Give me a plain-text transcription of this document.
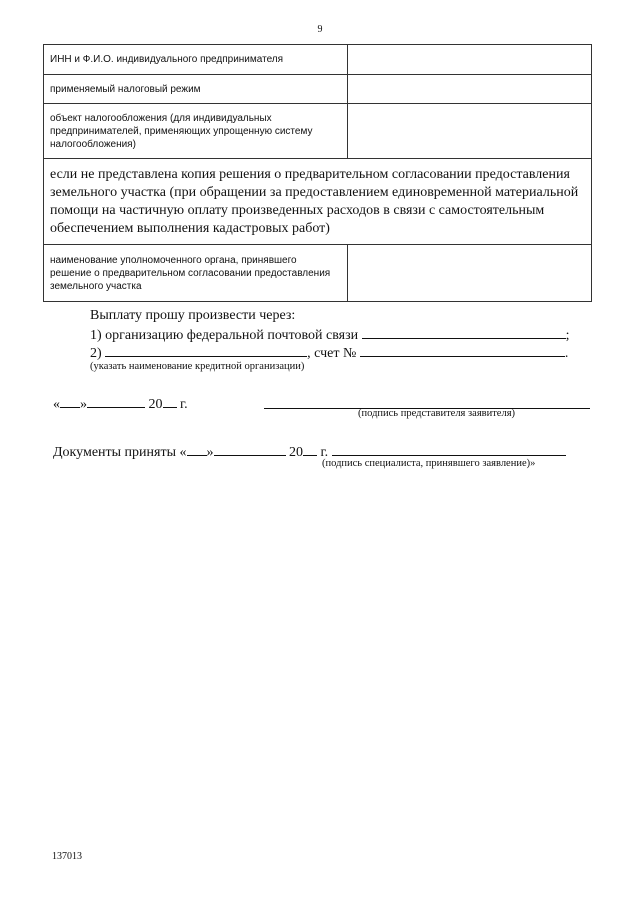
9
ИНН и Ф.И.О. индивидуального предпринимателя	
применяемый налоговый режим	
объект налогообложения (для индивидуальных предпринимателей, применяющих упрощенную систему налогообложения)	
если не представлена копия решения о предварительном согласовании предоставления земельного участка (при обращении за предоставлением единовременной материальной помощи на частичную оплату произведенных расходов в связи с самостоятельным обеспечением выполнения кадастровых работ)	
наименование уполномоченного органа, принявшего решение о предварительном согласовании предоставления земельного участка	
Выплату прошу произвести через:
1) организацию федеральной почтовой связи	;
2)	, счет №	.
(указать наименование кредитной организации)
« »	20 г.
(подпись представителя заявителя)
Документы приняты « »	20 г.
(подпись специалиста, принявшего заявление)»
137013
